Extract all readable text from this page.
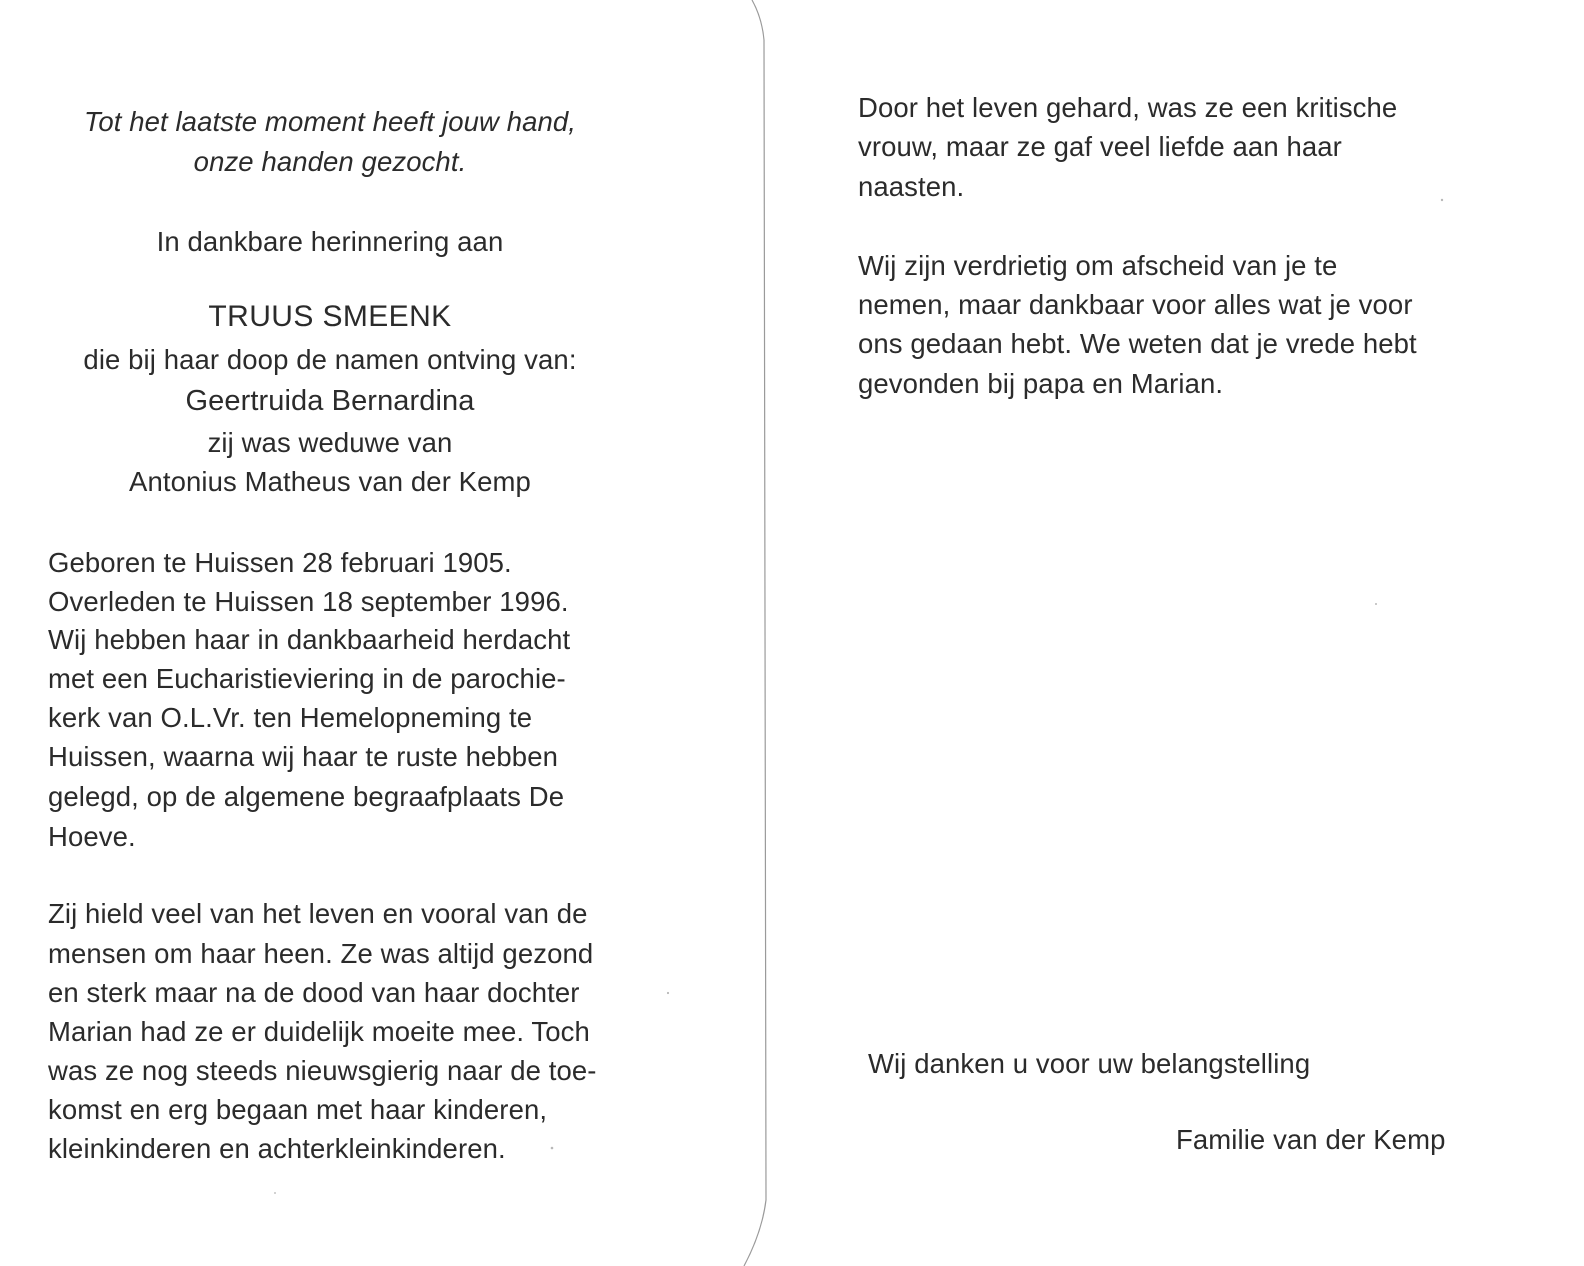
Tot het laatste moment heeft jouw hand,
onze handen gezocht.
In dankbare herinnering aan
TRUUS SMEENK
die bij haar doop de namen ontving van:
Geertruida Bernardina
zij was weduwe van
Antonius Matheus van der Kemp
Geboren te Huissen 28 februari 1905.
Overleden te Huissen 18 september 1996.
Wij hebben haar in dankbaarheid herdacht
met een Eucharistieviering in de parochie-
kerk van O.L.Vr. ten Hemelopneming te
Huissen, waarna wij haar te ruste hebben
gelegd, op de algemene begraafplaats De
Hoeve.
Zij hield veel van het leven en vooral van de
mensen om haar heen. Ze was altijd gezond
en sterk maar na de dood van haar dochter
Marian had ze er duidelijk moeite mee. Toch
was ze nog steeds nieuwsgierig naar de toe-
komst en erg begaan met haar kinderen,
kleinkinderen en achterkleinkinderen.
Door het leven gehard, was ze een kritische
vrouw, maar ze gaf veel liefde aan haar
naasten.
Wij zijn verdrietig om afscheid van je te
nemen, maar dankbaar voor alles wat je voor
ons gedaan hebt. We weten dat je vrede hebt
gevonden bij papa en Marian.
Wij danken u voor uw belangstelling
Familie van der Kemp
